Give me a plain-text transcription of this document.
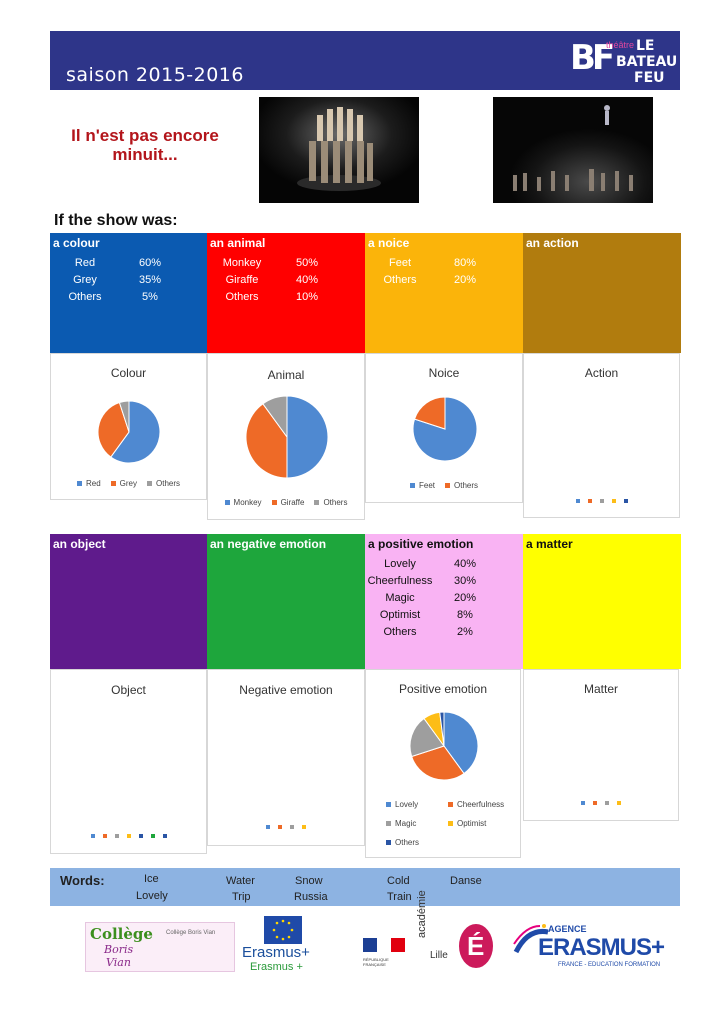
saison 2015-2016	BF
théâtre LE
BATEAU
FEU
Il n'est pas encore
minuit...
If the show was:
a colour
Red	60%
Grey	35%
Others	5%
an animal
Monkey	50%
Giraffe	40%
Others	10%
a noice
Feet	80%
Others	20%
an action
Colour
Red Grey Others
Animal
Monkey Giraffe Others
Noice
Feet Others
Action
an object	an negative emotion	a positive emotion
Lovely	40%
Cheerfulness	30%
Magic	20%
Optimist	8%
Others	2%
a matter
Object	Negative emotion	Positive emotion
Lovely	Cheerfulness
Magic	Optimist
Others
Matter
Words:	Ice
Lovely
Water
Trip
Snow
Russia
Cold
Train
Danse
Collège
Boris
Vian
Collège Boris Vian
Erasmus+
Erasmus +
RÉPUBLIQUE FRANÇAISE
académie
Lille É
AGENCE
ERASMUS+
FRANCE - EDUCATION FORMATION
